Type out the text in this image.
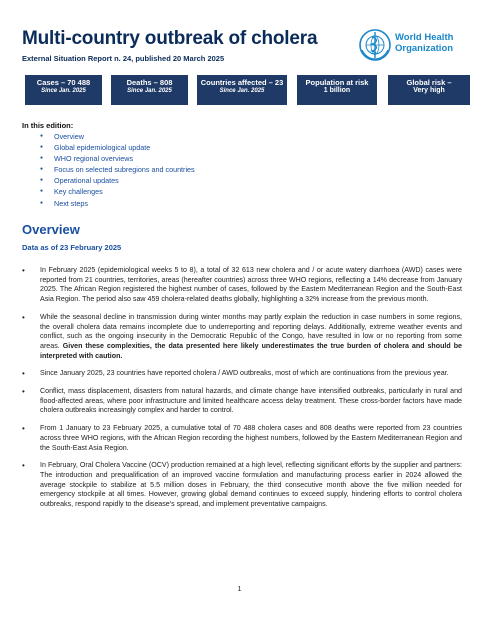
Multi-country outbreak of cholera
External Situation Report n. 24, published 20 March 2025
World Health
Organization
Cases – 70 488
Since Jan. 2025
Deaths – 808
Since Jan. 2025
Countries affected – 23
Since Jan. 2025
Population at risk
1 billion
Global risk –
Very high
In this edition:
● Overview
● Global epidemiological update
● WHO regional overviews
● Focus on selected subregions and countries
● Operational updates
● Key challenges
● Next steps
Overview
Data as of 23 February 2025
• In February 2025 (epidemiological weeks 5 to 8), a total of 32 613 new cholera and / or acute watery diarrhoea (AWD) cases were reported from 21 countries, territories, areas (hereafter countries) across three WHO regions, reflecting a 14% decrease from January 2025. The African Region registered the highest number of cases, followed by the Eastern Mediterranean Region and the South-East Asia Region. The period also saw 459 cholera-related deaths globally, highlighting a 32% increase from the previous month.
• While the seasonal decline in transmission during winter months may partly explain the reduction in case numbers in some regions, the overall cholera data remains incomplete due to underreporting and reporting delays. Additionally, extreme weather events and conflict, such as the ongoing insecurity in the Democratic Republic of the Congo, have resulted in low or no reporting from some areas. Given these complexities, the data presented here likely underestimates the true burden of cholera and should be interpreted with caution.
• Since January 2025, 23 countries have reported cholera / AWD outbreaks, most of which are continuations from the previous year.
• Conflict, mass displacement, disasters from natural hazards, and climate change have intensified outbreaks, particularly in rural and flood-affected areas, where poor infrastructure and limited healthcare access delay treatment. These cross-border factors have made cholera outbreaks increasingly complex and harder to control.
• From 1 January to 23 February 2025, a cumulative total of 70 488 cholera cases and 808 deaths were reported from 23 countries across three WHO regions, with the African Region recording the highest numbers, followed by the Eastern Mediterranean Region and the South-East Asia Region.
• In February, Oral Cholera Vaccine (OCV) production remained at a high level, reflecting significant efforts by the supplier and partners: The introduction and prequalification of an improved vaccine formulation and manufacturing process earlier in 2024 allowed the average stockpile to stabilize at 5.5 million doses in February, the third consecutive month above the five million needed for emergency stockpile at all times. However, growing global demand continues to exceed supply, hindering efforts to control cholera outbreaks, respond rapidly to the disease's spread, and implement preventative campaigns.
1
